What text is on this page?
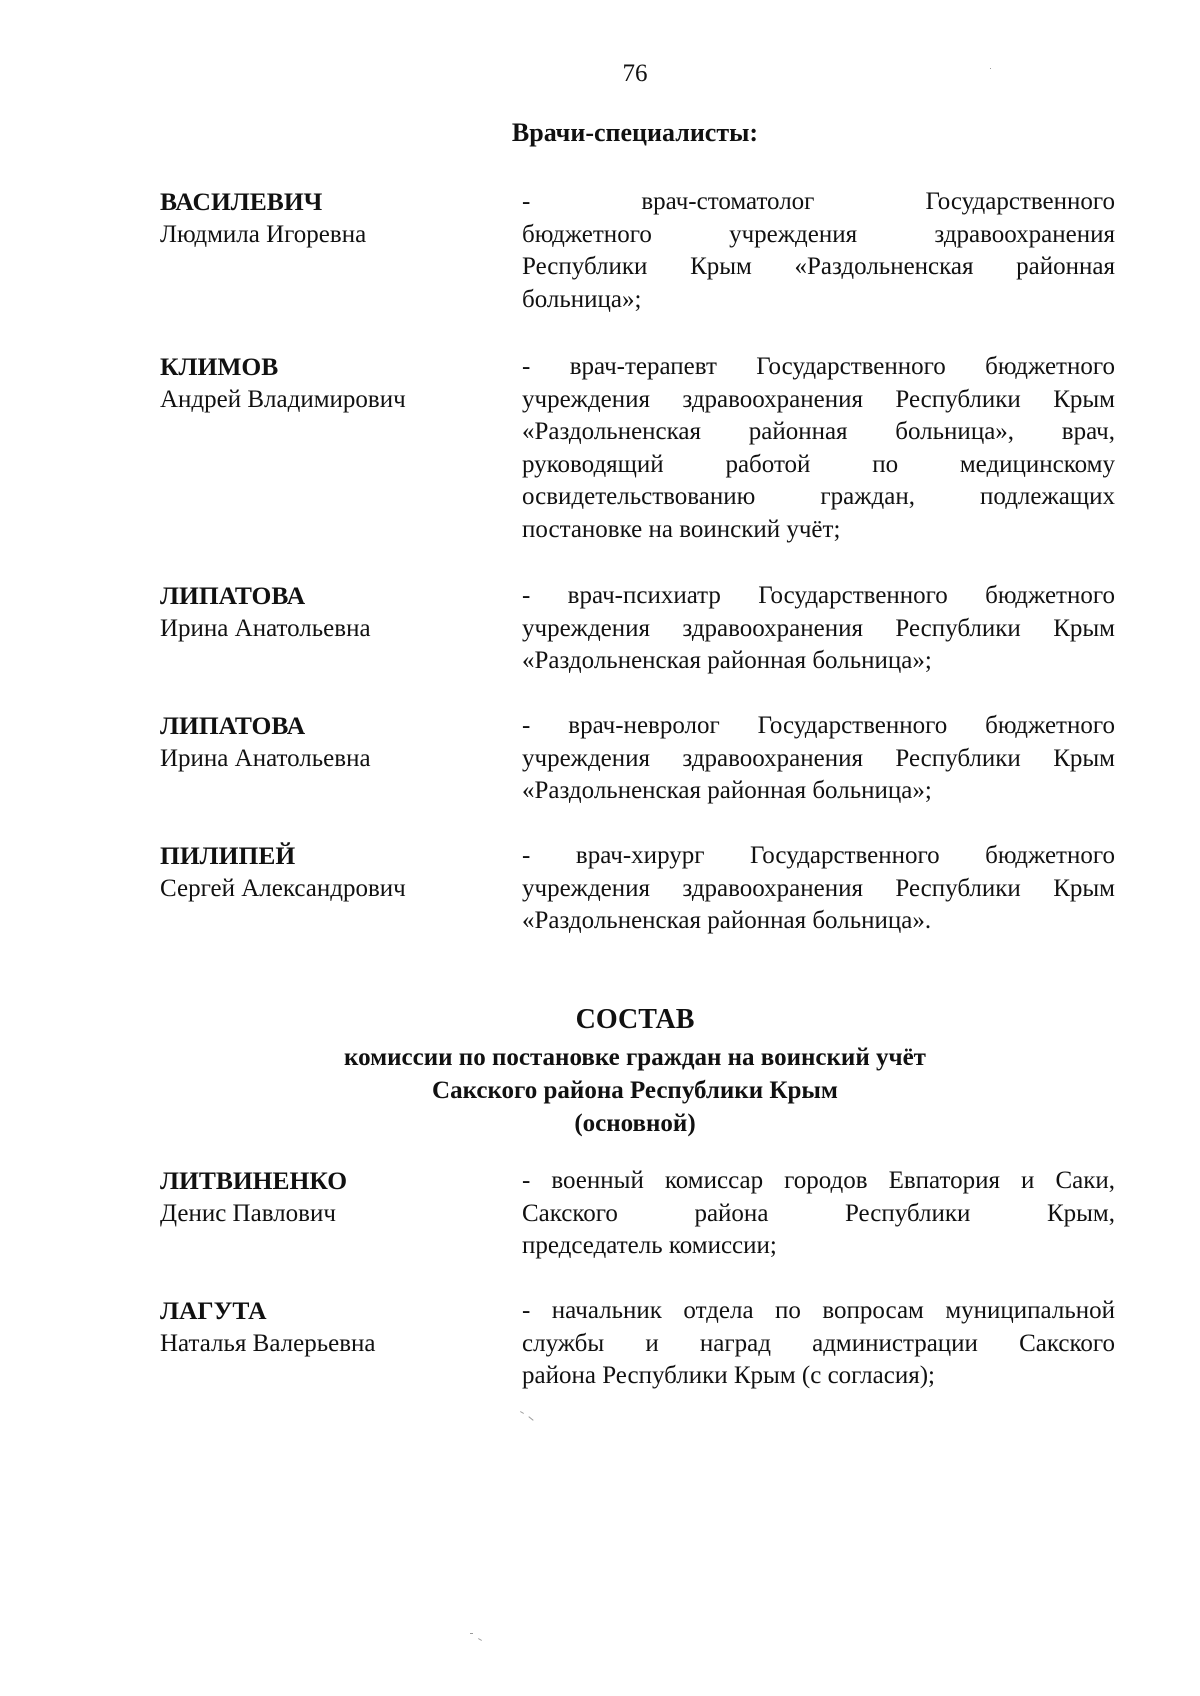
76
Врачи-специалисты:
ВАСИЛЕВИЧ
Людмила Игоревна
-          врач-стоматолог          Государственного
бюджетного    учреждения    здравоохранения
Республики Крым «Раздольненская районная
больница»;
КЛИМОВ
Андрей Владимирович
- врач-терапевт Государственного бюджетного
учреждения здравоохранения Республики Крым
«Раздольненская районная больница», врач,
руководящий работой по медицинскому
освидетельствованию граждан, подлежащих
постановке на воинский учёт;
ЛИПАТОВА
Ирина Анатольевна
- врач-психиатр Государственного бюджетного
учреждения здравоохранения Республики Крым
«Раздольненская районная больница»;
ЛИПАТОВА
Ирина Анатольевна
- врач-невролог Государственного бюджетного
учреждения здравоохранения Республики Крым
«Раздольненская районная больница»;
ПИЛИПЕЙ
Сергей Александрович
- врач-хирург Государственного бюджетного
учреждения здравоохранения Республики Крым
«Раздольненская районная больница».
СОСТАВ
комиссии по постановке граждан на воинский учёт
Сакского района Республики Крым
(основной)
ЛИТВИНЕНКО
Денис Павлович
- военный комиссар городов Евпатория и Саки,
Сакского района Республики Крым,
председатель комиссии;
ЛАГУТА
Наталья Валерьевна
- начальник отдела по вопросам муниципальной
службы и наград администрации Сакского
района Республики Крым (с согласия);
